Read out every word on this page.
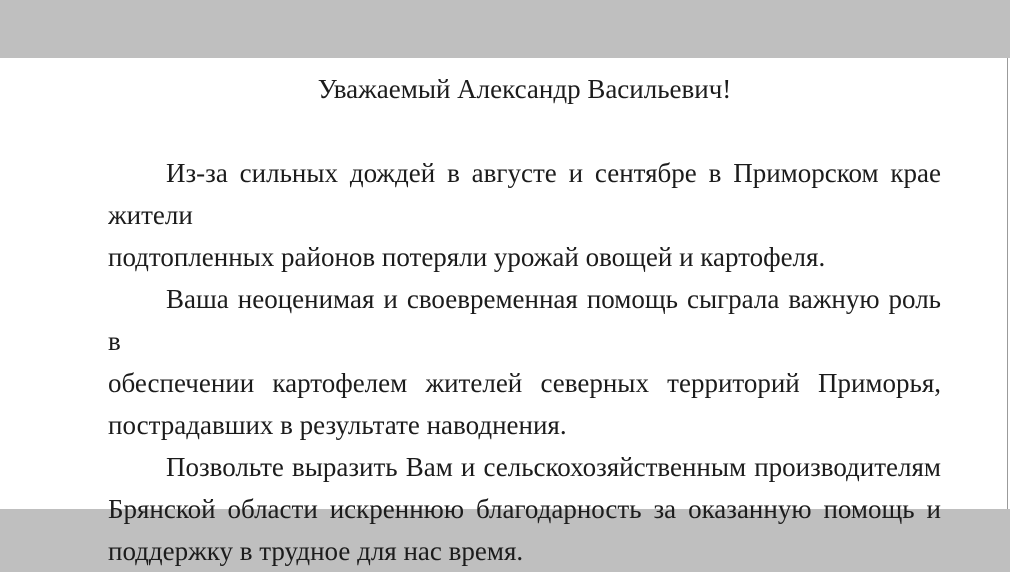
Уважаемый Александр Васильевич!
Из-за сильных дождей в августе и сентябре в Приморском крае жители
подтопленных районов потеряли урожай овощей и картофеля.
Ваша неоценимая и своевременная помощь сыграла важную роль в
обеспечении картофелем жителей северных территорий Приморья,
пострадавших в результате наводнения.
Позвольте выразить Вам и сельскохозяйственным производителям
Брянской области искреннюю благодарность за оказанную помощь и
поддержку в трудное для нас время.
